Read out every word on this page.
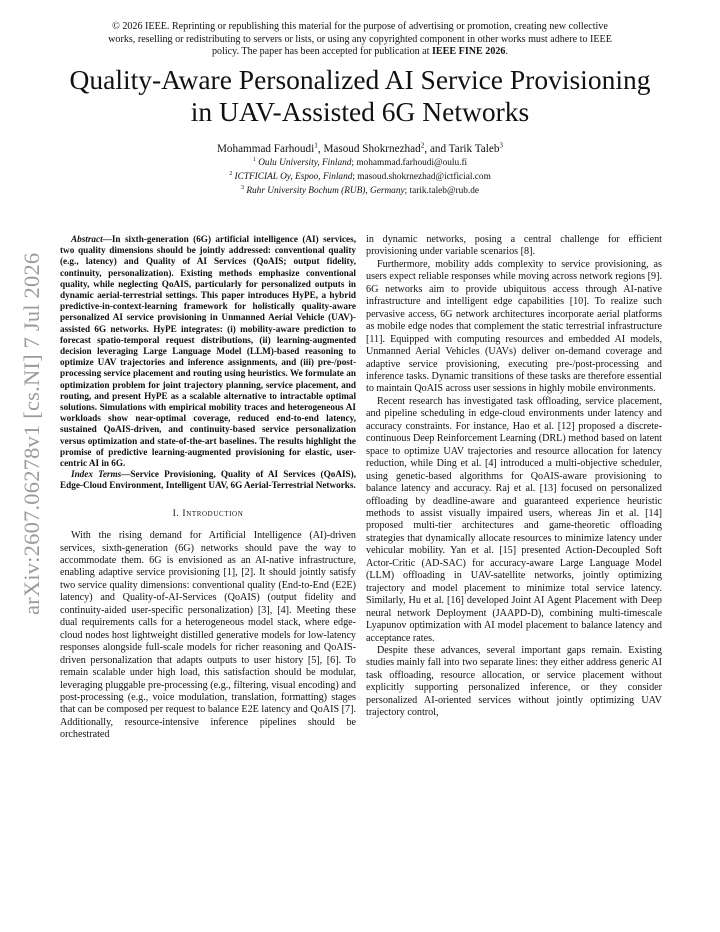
© 2026 IEEE. Reprinting or republishing this material for the purpose of advertising or promotion, creating new collective
works, reselling or redistributing to servers or lists, or using any copyrighted component in other works must adhere to IEEE
policy. The paper has been accepted for publication at IEEE FINE 2026.
Quality-Aware Personalized AI Service Provisioning
in UAV-Assisted 6G Networks
Mohammad Farhoudi$^1$, Masoud Shokrnezhad$^2$, and Tarik Taleb$^3$
$^1$ Oulu University, Finland; mohammad.farhoudi@oulu.fi
$^2$ ICTFICIAL Oy, Espoo, Finland; masoud.shokrnezhad@ictficial.com
$^3$ Ruhr University Bochum (RUB), Germany; tarik.taleb@rub.de
arXiv:2607.06278v1 [cs.NI] 7 Jul 2026

Abstract—In sixth-generation (6G) artificial intelligence (AI) services, two quality dimensions should be jointly addressed: conventional quality (e.g., latency) and Quality of AI Services (QoAIS; output fidelity, continuity, personalization). Existing methods emphasize conventional quality, while neglecting QoAIS, particularly for personalized outputs in dynamic aerial-terrestrial settings. This paper introduces HyPE, a hybrid predictive-in-context-learning framework for holistically quality-aware personalized AI service provisioning in Unmanned Aerial Vehicle (UAV)-assisted 6G networks. HyPE integrates: (i) mobility-aware prediction to forecast spatio-temporal request distributions, (ii) learning-augmented decision leveraging Large Language Model (LLM)-based reasoning to optimize UAV trajectories and inference assignments, and (iii) pre-/post-processing service placement and routing using heuristics. We formulate an optimization problem for joint trajectory planning, service placement, and routing, and present HyPE as a scalable alternative to intractable optimal solutions. Simulations with empirical mobility traces and heterogeneous AI workloads show near-optimal coverage, reduced end-to-end latency, sustained QoAIS-driven, and continuity-based service personalization versus optimization and state-of-the-art baselines. The results highlight the promise of predictive learning-augmented provisioning for elastic, user-centric AI in 6G.

Index Terms—Service Provisioning, Quality of AI Services (QoAIS), Edge-Cloud Environment, Intelligent UAV, 6G Aerial-Terrestrial Networks.

I. Introduction

With the rising demand for Artificial Intelligence (AI)-driven services, sixth-generation (6G) networks should pave the way to accommodate them. 6G is envisioned as an AI-native infrastructure, enabling adaptive service provisioning [1], [2]. It should jointly satisfy two service quality dimensions: conventional quality (End-to-End (E2E) latency) and Quality-of-AI-Services (QoAIS) (output fidelity and continuity-aided user-specific personalization) [3], [4]. Meeting these dual requirements calls for a heterogeneous model stack, where edge-cloud nodes host lightweight distilled generative models for low-latency responses alongside full-scale models for richer reasoning and QoAIS-driven personalization that adapts outputs to user history [5], [6]. To remain scalable under high load, this satisfaction should be modular, leveraging pluggable pre-processing (e.g., filtering, visual encoding) and post-processing (e.g., voice modulation, translation, formatting) stages that can be composed per request to balance E2E latency and QoAIS [7]. Additionally, resource-intensive inference pipelines should be orchestrated

in dynamic networks, posing a central challenge for efficient provisioning under variable scenarios [8].

Furthermore, mobility adds complexity to service provisioning, as users expect reliable responses while moving across network regions [9]. 6G networks aim to provide ubiquitous access through AI-native infrastructure and intelligent edge capabilities [10]. To realize such pervasive access, 6G network architectures incorporate aerial platforms as mobile edge nodes that complement the static terrestrial infrastructure [11]. Equipped with computing resources and embedded AI models, Unmanned Aerial Vehicles (UAVs) deliver on-demand coverage and adaptive service provisioning, executing pre-/post-processing and inference tasks. Dynamic transitions of these tasks are therefore essential to maintain QoAIS across user sessions in highly mobile environments.

Recent research has investigated task offloading, service placement, and pipeline scheduling in edge-cloud environments under latency and accuracy constraints. For instance, Hao et al. [12] proposed a discrete-continuous Deep Reinforcement Learning (DRL) method based on latent space to optimize UAV trajectories and resource allocation for latency reduction, while Ding et al. [4] introduced a multi-objective scheduler, using genetic-based algorithms for QoAIS-aware provisioning to balance latency and accuracy. Raj et al. [13] focused on personalized offloading by deadline-aware and guaranteed experience heuristic methods to assist visually impaired users, whereas Jin et al. [14] proposed multi-tier architectures and game-theoretic offloading strategies that dynamically allocate resources to minimize latency under vehicular mobility. Yan et al. [15] presented Action-Decoupled Soft Actor-Critic (AD-SAC) for accuracy-aware Large Language Model (LLM) offloading in UAV-satellite networks, jointly optimizing trajectory and model placement to minimize total service latency. Similarly, Hu et al. [16] developed Joint AI Agent Placement with Deep neural network Deployment (JAAPD-D), combining multi-timescale Lyapunov optimization with AI model placement to balance latency and acceptance rates.

Despite these advances, several important gaps remain. Existing studies mainly fall into two separate lines: they either address generic AI task offloading, resource allocation, or service placement without explicitly supporting personalized inference, or they consider personalized AI-oriented services without jointly optimizing UAV trajectory control,
